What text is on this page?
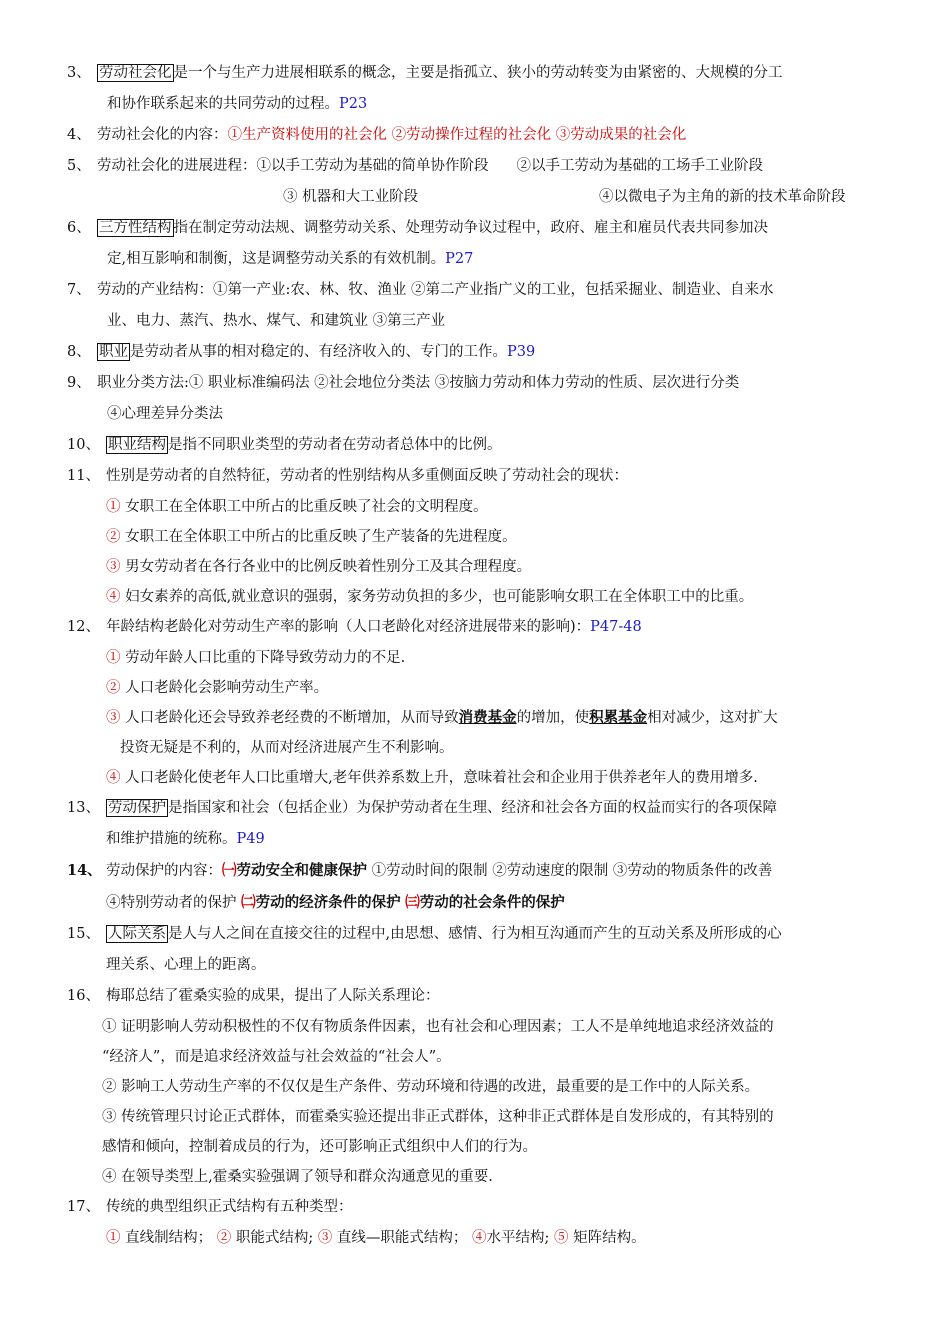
3、 劳动社会化 是一个与生产力进展相联系的概念，主要是指孤立、狭小的劳动转变为由紧密的、大规模的分工
和协作联系起来的共同劳动的过程。P23
4、 劳动社会化的内容：①生产资料使用的社会化 ②劳动操作过程的社会化 ③劳动成果的社会化
5、 劳动社会化的进展进程：①以手工劳动为基础的简单协作阶段 ②以手工劳动为基础的工场手工业阶段
③ 机器和大工业阶段	④以微电子为主角的新的技术革命阶段
6、 三方性结构 指在制定劳动法规、调整劳动关系、处理劳动争议过程中，政府、雇主和雇员代表共同参加决
定,相互影响和制衡，这是调整劳动关系的有效机制。P27
7、 劳动的产业结构：①第一产业:农、林、牧、渔业 ②第二产业指广义的工业，包括采掘业、制造业、自来水
业、电力、蒸汽、热水、煤气、和建筑业 ③第三产业
8、 职业 是劳动者从事的相对稳定的、有经济收入的、专门的工作。P39
9、 职业分类方法:① 职业标准编码法 ②社会地位分类法 ③按脑力劳动和体力劳动的性质、层次进行分类
④心理差异分类法
10、 职业结构 是指不同职业类型的劳动者在劳动者总体中的比例。
11、 性别是劳动者的自然特征，劳动者的性别结构从多重侧面反映了劳动社会的现状：
① 女职工在全体职工中所占的比重反映了社会的文明程度。
② 女职工在全体职工中所占的比重反映了生产装备的先进程度。
③ 男女劳动者在各行各业中的比例反映着性别分工及其合理程度。
④ 妇女素养的高低,就业意识的强弱，家务劳动负担的多少，也可能影响女职工在全体职工中的比重。
12、 年龄结构老龄化对劳动生产率的影响（人口老龄化对经济进展带来的影响)：P47-48
① 劳动年龄人口比重的下降导致劳动力的不足.
② 人口老龄化会影响劳动生产率。
③ 人口老龄化还会导致养老经费的不断增加，从而导致消费基金的增加，使积累基金相对减少，这对扩大
投资无疑是不利的，从而对经济进展产生不利影响。
④ 人口老龄化使老年人口比重增大,老年供养系数上升，意味着社会和企业用于供养老年人的费用增多.
13、 劳动保护 是指国家和社会（包括企业）为保护劳动者在生理、经济和社会各方面的权益而实行的各项保障
和维护措施的统称。P49
14、 劳动保护的内容：㈠劳动安全和健康保护 ①劳动时间的限制 ②劳动速度的限制 ③劳动的物质条件的改善
④特别劳动者的保护 ㈡劳动的经济条件的保护 ㈢劳动的社会条件的保护
15、 人际关系 是人与人之间在直接交往的过程中,由思想、感情、行为相互沟通而产生的互动关系及所形成的心
理关系、心理上的距离。
16、 梅耶总结了霍桑实验的成果，提出了人际关系理论：
① 证明影响人劳动积极性的不仅有物质条件因素，也有社会和心理因素；工人不是单纯地追求经济效益的
“经济人”，而是追求经济效益与社会效益的“社会人”。
② 影响工人劳动生产率的不仅仅是生产条件、劳动环境和待遇的改进，最重要的是工作中的人际关系。
③ 传统管理只讨论正式群体，而霍桑实验还提出非正式群体，这种非正式群体是自发形成的，有其特别的
感情和倾向，控制着成员的行为，还可影响正式组织中人们的行为。
④ 在领导类型上,霍桑实验强调了领导和群众沟通意见的重要.
17、 传统的典型组织正式结构有五种类型：
① 直线制结构； ② 职能式结构; ③ 直线—职能式结构； ④水平结构; ⑤ 矩阵结构。
